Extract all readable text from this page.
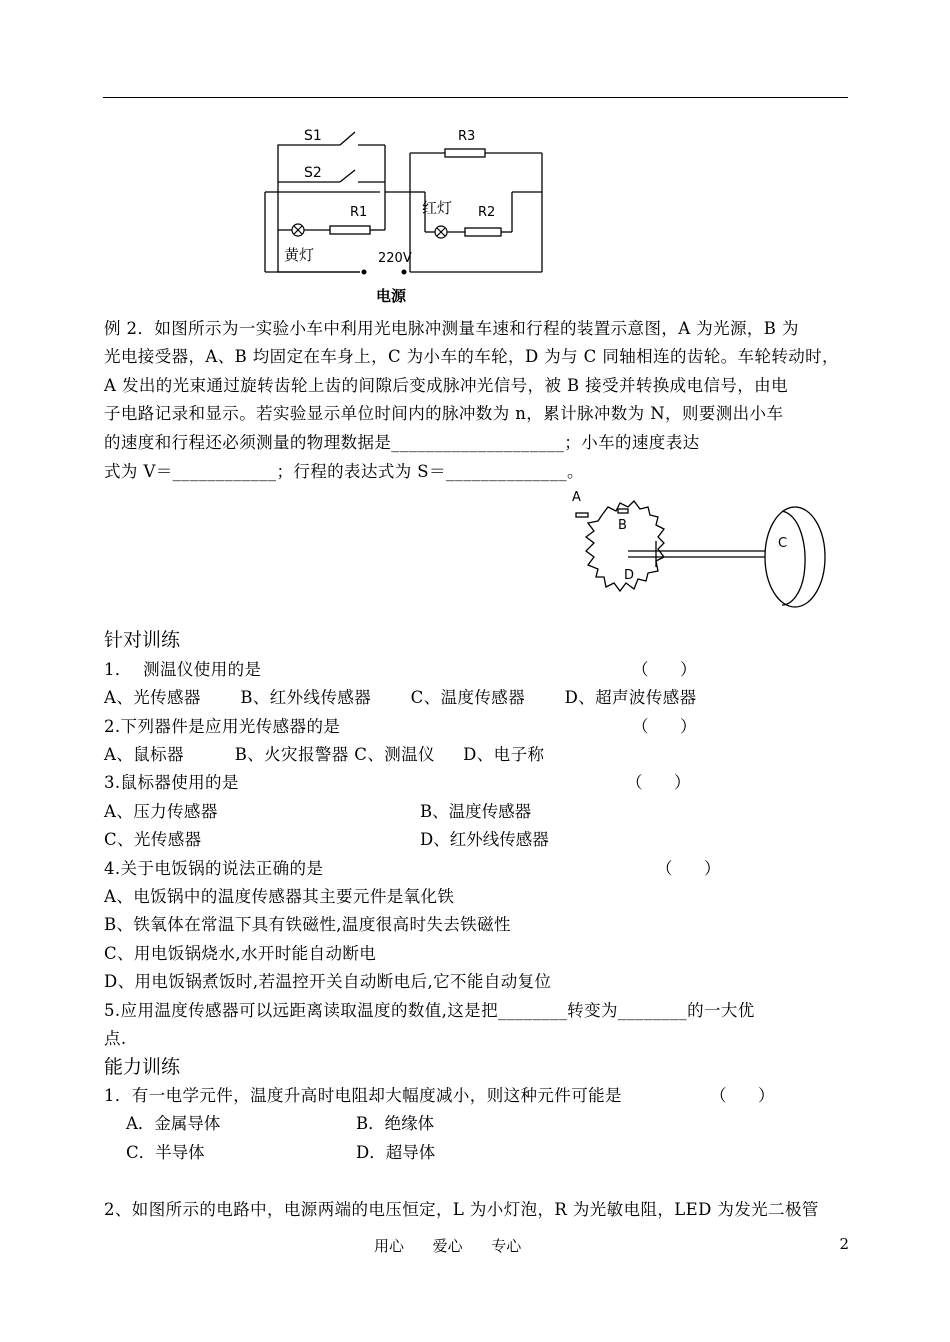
S1
S2
R1
R3
R2
红灯
黄灯	220V
电源
例 2．如图所示为一实验小车中利用光电脉冲测量车速和行程的装置示意图，A 为光源，B 为
光电接受器，A、B 均固定在车身上，C 为小车的车轮，D 为与 C 同轴相连的齿轮。车轮转动时，
A 发出的光束通过旋转齿轮上齿的间隙后变成脉冲光信号，被 B 接受并转换成电信号，由电
子电路记录和显示。若实验显示单位时间内的脉冲数为 n，累计脉冲数为 N，则要测出小车
的速度和行程还必须测量的物理数据是____________________；小车的速度表达
式为 V＝____________；行程的表达式为 S＝______________。
A
B
C
D
针对训练
1．  测温仪使用的是	（      ）
A、光传感器       B、红外线传感器       C、温度传感器       D、超声波传感器
2.下列器件是应用光传感器的是	（      ）
A、鼠标器         B、火灾报警器 C、测温仪     D、电子称
3.鼠标器使用的是	（      ）
A、压力传感器	B、温度传感器
C、光传感器	D、红外线传感器
4.关于电饭锅的说法正确的是	（      ）
A、电饭锅中的温度传感器其主要元件是氧化铁
B、铁氧体在常温下具有铁磁性,温度很高时失去铁磁性
C、用电饭锅烧水,水开时能自动断电
D、用电饭锅煮饭时,若温控开关自动断电后,它不能自动复位
5.应用温度传感器可以远距离读取温度的数值,这是把________转变为________的一大优
点.
能力训练
1．有一电学元件，温度升高时电阻却大幅度减小，则这种元件可能是	（      ）
A．金属导体	B．绝缘体
C．半导体	D．超导体
2、如图所示的电路中，电源两端的电压恒定，L 为小灯泡，R 为光敏电阻，LED 为发光二极管
用心      爱心      专心	2
